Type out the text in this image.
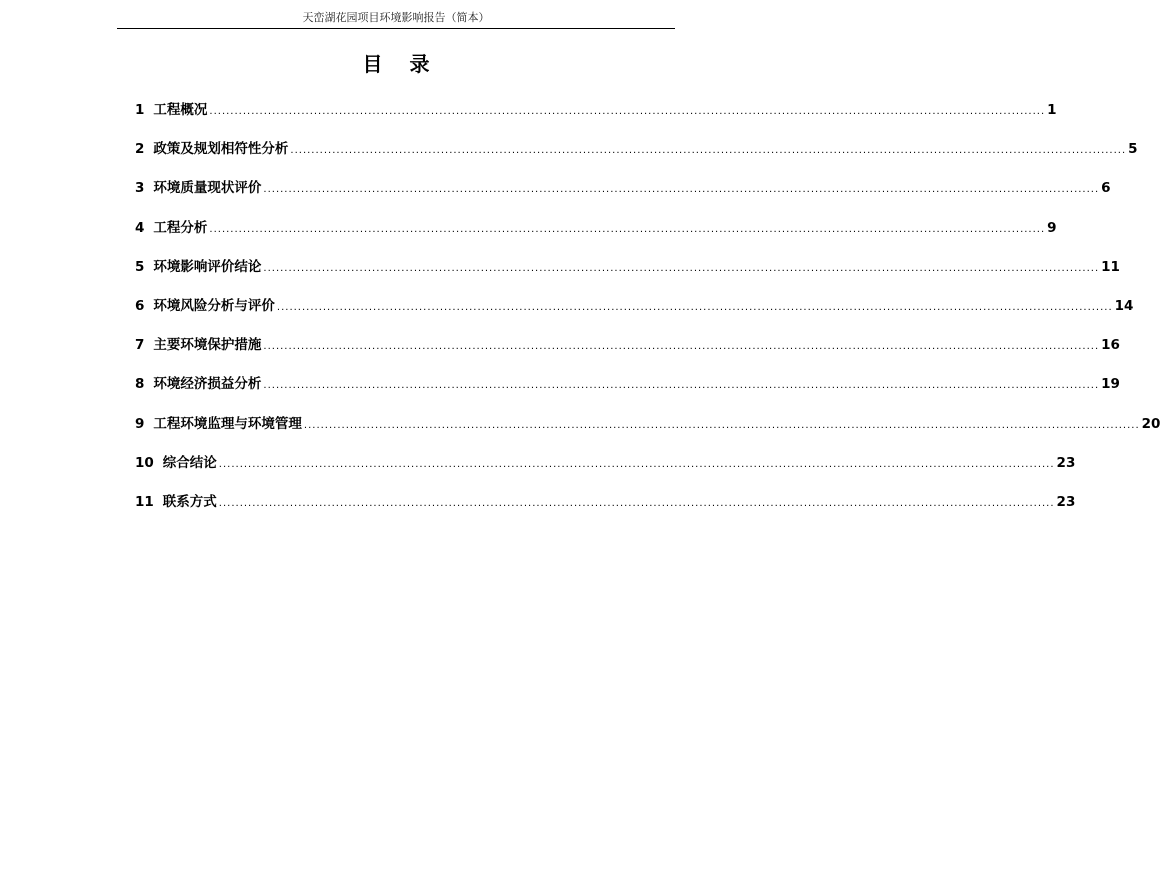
天峦湖花园项目环境影响报告（简本）
目 录
1 工程概况 ........................................................................................................................................................................................................ 1
2 政策及规划相符性分析 ........................................................................................................................................................................................................ 5
3 环境质量现状评价 ........................................................................................................................................................................................................ 6
4 工程分析 ........................................................................................................................................................................................................ 9
5 环境影响评价结论 ........................................................................................................................................................................................................ 11
6 环境风险分析与评价 ........................................................................................................................................................................................................ 14
7 主要环境保护措施 ........................................................................................................................................................................................................ 16
8 环境经济损益分析 ........................................................................................................................................................................................................ 19
9 工程环境监理与环境管理 ........................................................................................................................................................................................................ 20
10 综合结论 ........................................................................................................................................................................................................ 23
11 联系方式 ........................................................................................................................................................................................................ 23
